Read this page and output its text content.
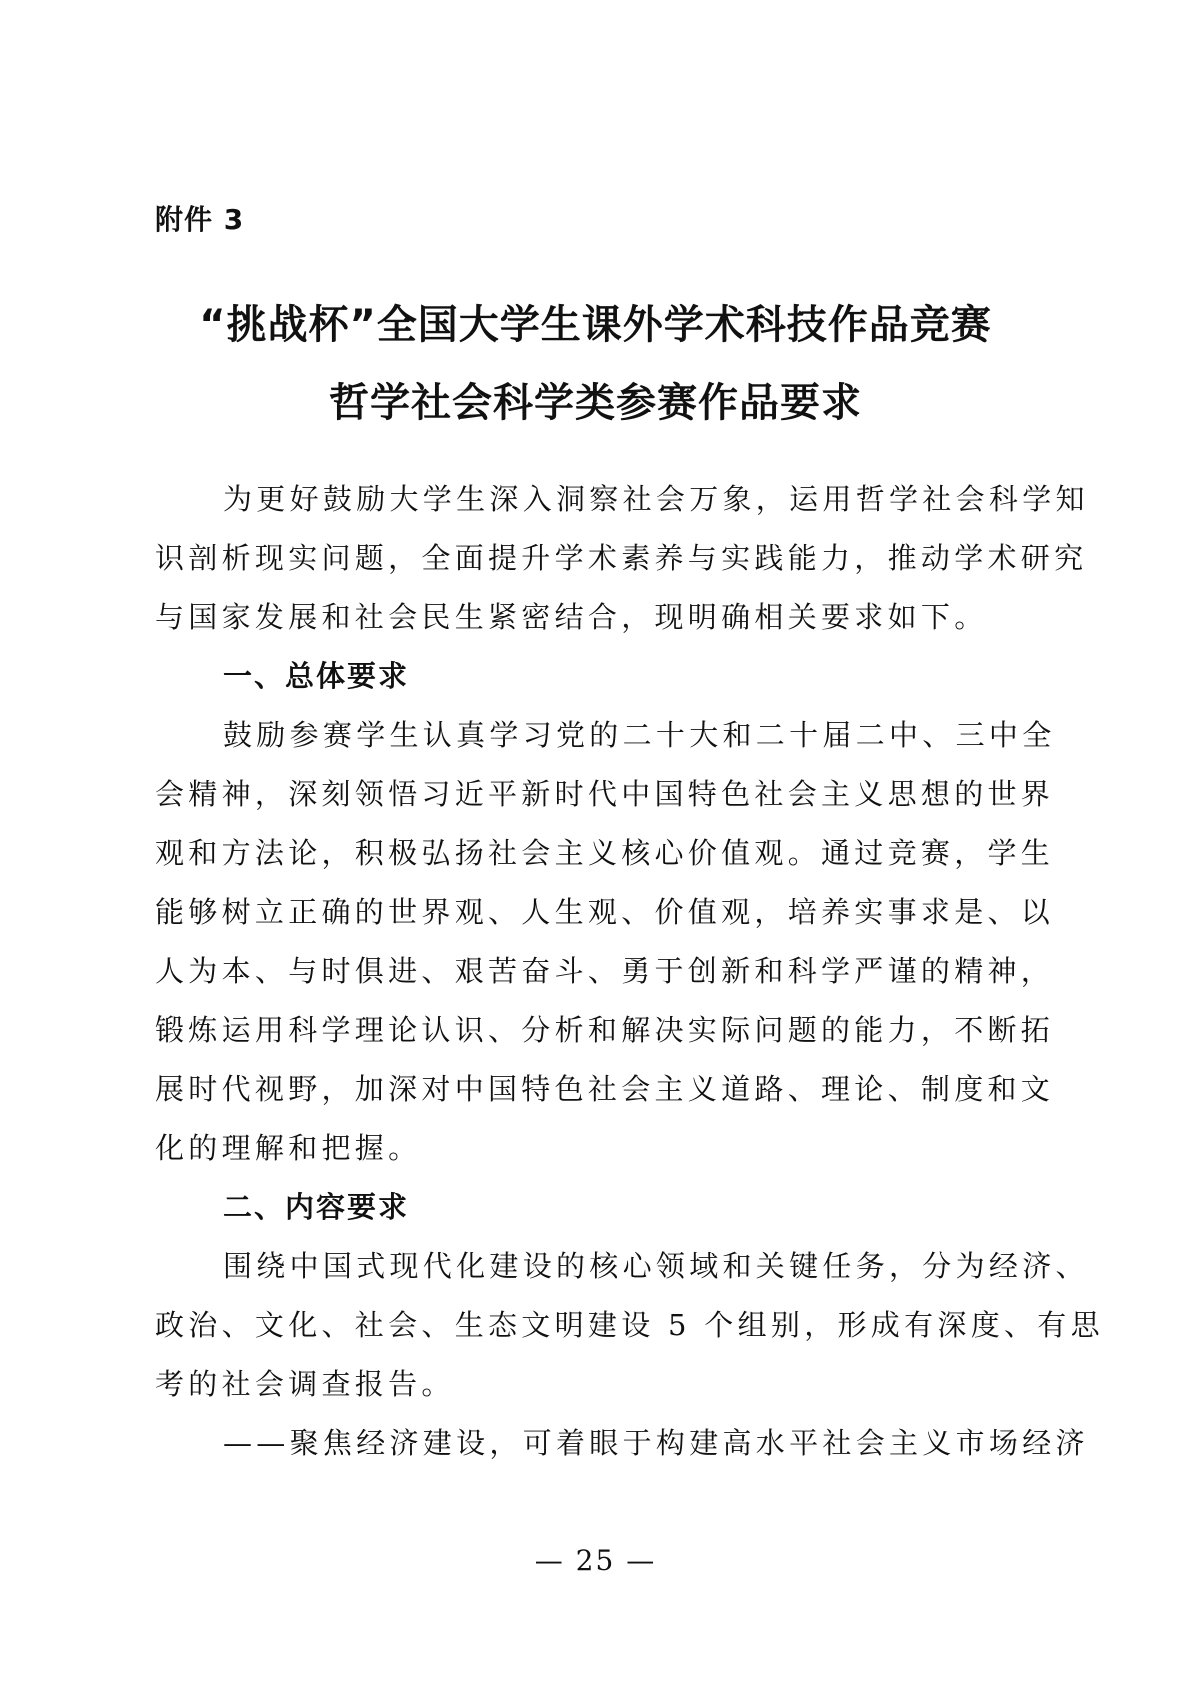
附件 3
“挑战杯”全国大学生课外学术科技作品竞赛
哲学社会科学类参赛作品要求
为更好鼓励大学生深入洞察社会万象，运用哲学社会科学知
识剖析现实问题，全面提升学术素养与实践能力，推动学术研究
与国家发展和社会民生紧密结合，现明确相关要求如下。
一、总体要求
鼓励参赛学生认真学习党的二十大和二十届二中、三中全
会精神，深刻领悟习近平新时代中国特色社会主义思想的世界
观和方法论，积极弘扬社会主义核心价值观。通过竞赛，学生
能够树立正确的世界观、人生观、价值观，培养实事求是、以
人为本、与时俱进、艰苦奋斗、勇于创新和科学严谨的精神，
锻炼运用科学理论认识、分析和解决实际问题的能力，不断拓
展时代视野，加深对中国特色社会主义道路、理论、制度和文
化的理解和把握。
二、内容要求
围绕中国式现代化建设的核心领域和关键任务，分为经济、
政治、文化、社会、生态文明建设 5 个组别，形成有深度、有思
考的社会调查报告。
——聚焦经济建设，可着眼于构建高水平社会主义市场经济
— 25 —
